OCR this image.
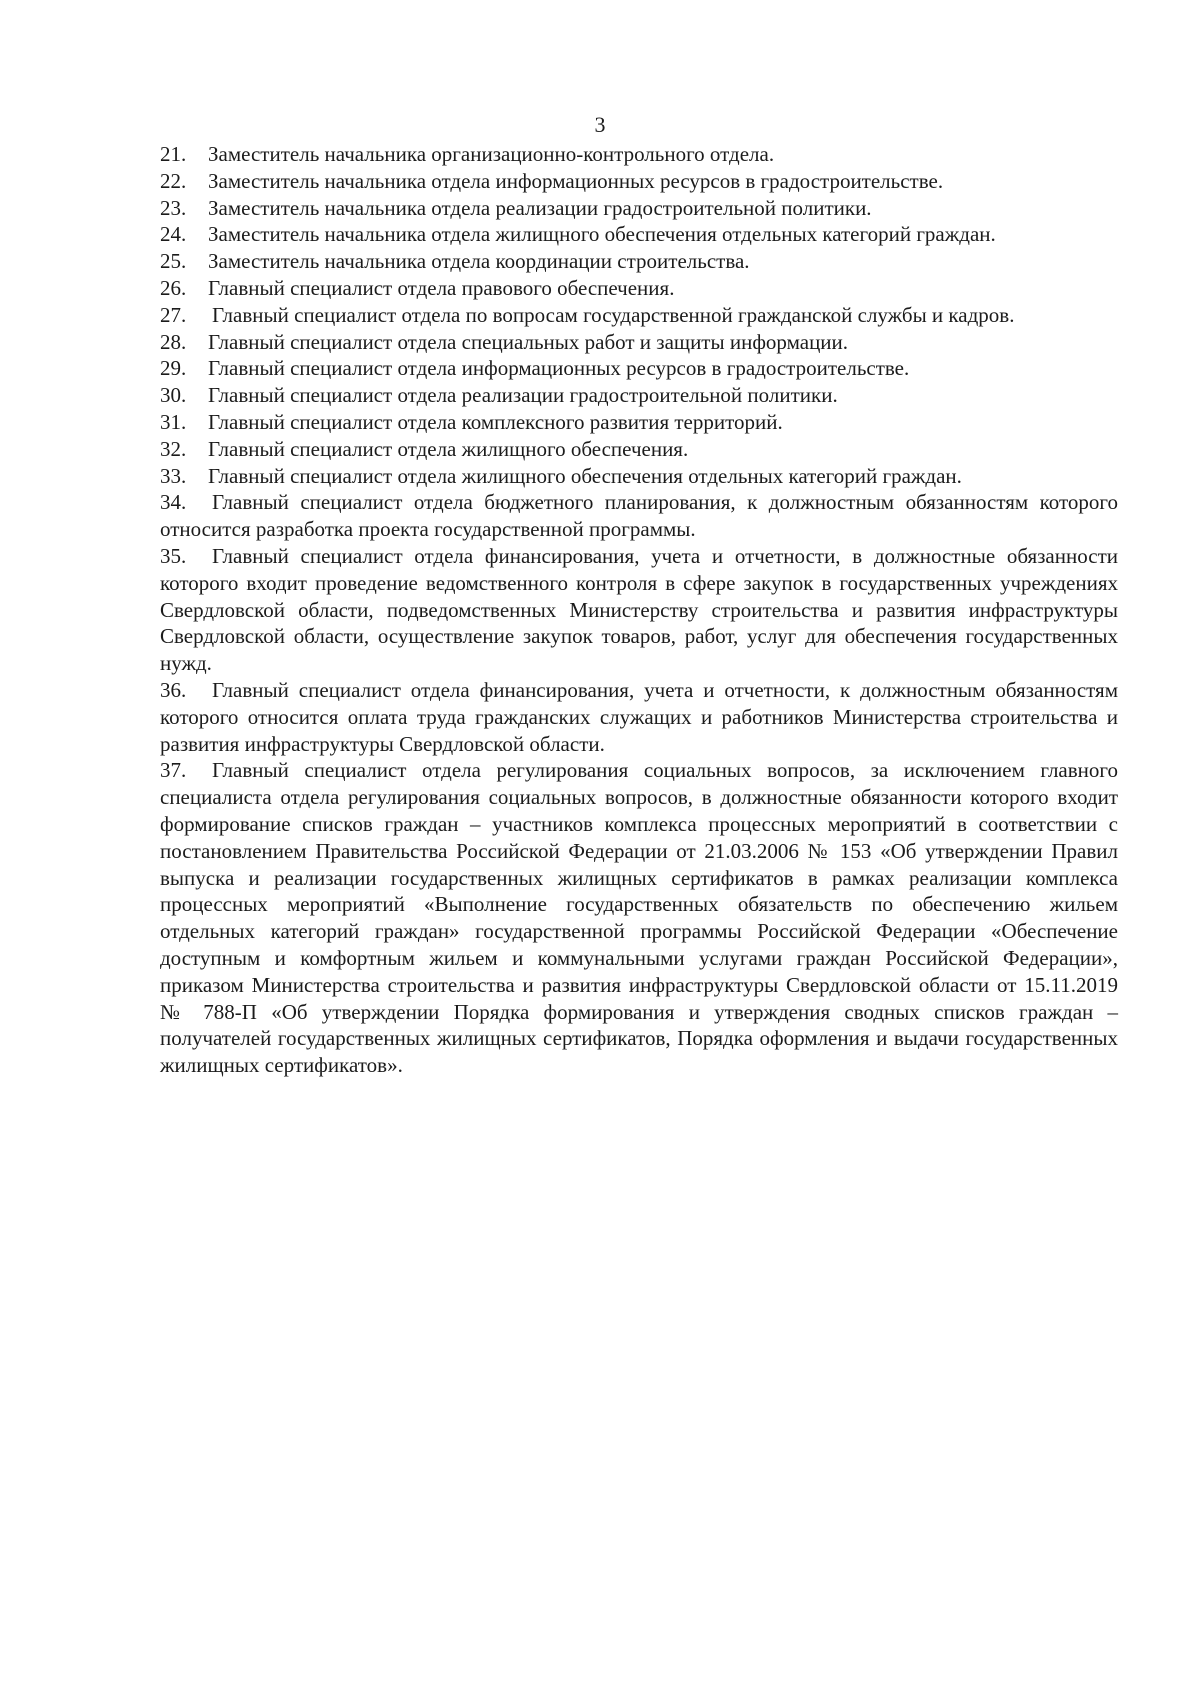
3

21. Заместитель начальника организационно-контрольного отдела.

22. Заместитель начальника отдела информационных ресурсов в градостроительстве.

23. Заместитель начальника отдела реализации градостроительной политики.

24. Заместитель начальника отдела жилищного обеспечения отдельных категорий граждан.

25. Заместитель начальника отдела координации строительства.

26. Главный специалист отдела правового обеспечения.

27. Главный специалист отдела по вопросам государственной гражданской службы и кадров.

28. Главный специалист отдела специальных работ и защиты информации.

29. Главный специалист отдела информационных ресурсов в градостроительстве.

30. Главный специалист отдела реализации градостроительной политики.

31. Главный специалист отдела комплексного развития территорий.

32. Главный специалист отдела жилищного обеспечения.

33. Главный специалист отдела жилищного обеспечения отдельных категорий граждан.

34. Главный специалист отдела бюджетного планирования, к должностным обязанностям которого относится разработка проекта государственной программы.

35. Главный специалист отдела финансирования, учета и отчетности, в должностные обязанности которого входит проведение ведомственного контроля в сфере закупок в государственных учреждениях Свердловской области, подведомственных Министерству строительства и развития инфраструктуры Свердловской области, осуществление закупок товаров, работ, услуг для обеспечения государственных нужд.

36. Главный специалист отдела финансирования, учета и отчетности, к должностным обязанностям которого относится оплата труда гражданских служащих и работников Министерства строительства и развития инфраструктуры Свердловской области.

37. Главный специалист отдела регулирования социальных вопросов, за исключением главного специалиста отдела регулирования социальных вопросов, в должностные обязанности которого входит формирование списков граждан – участников комплекса процессных мероприятий в соответствии с постановлением Правительства Российской Федерации от 21.03.2006 № 153 «Об утверждении Правил выпуска и реализации государственных жилищных сертификатов в рамках реализации комплекса процессных мероприятий «Выполнение государственных обязательств по обеспечению жильем отдельных категорий граждан» государственной программы Российской Федерации «Обеспечение доступным и комфортным жильем и коммунальными услугами граждан Российской Федерации», приказом Министерства строительства и развития инфраструктуры Свердловской области от 15.11.2019 № 788-П «Об утверждении Порядка формирования и утверждения сводных списков граждан – получателей государственных жилищных сертификатов, Порядка оформления и выдачи государственных жилищных сертификатов».
